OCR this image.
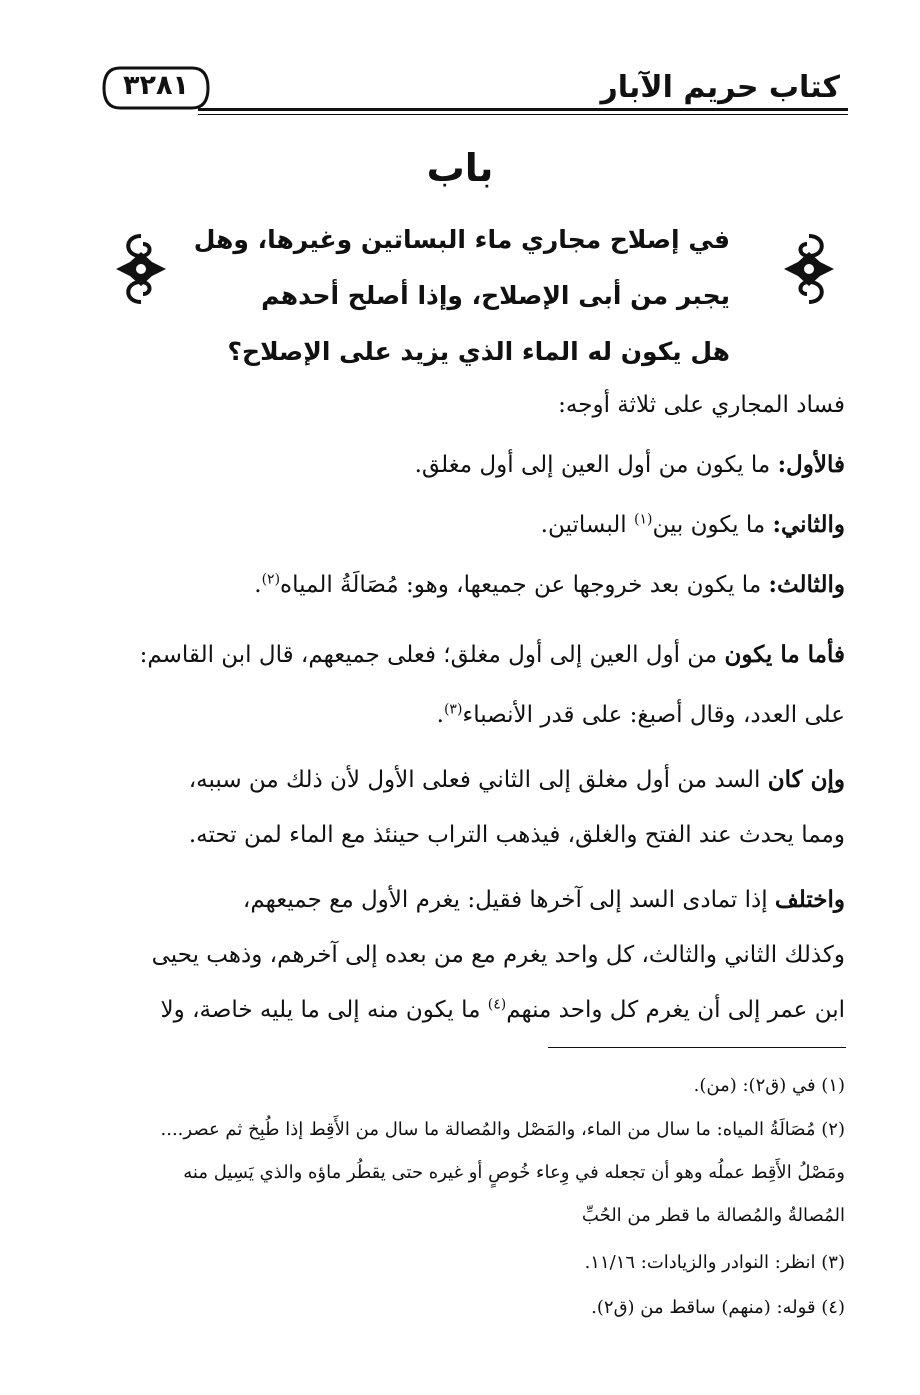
٣٢٨١	كتاب حريم الآبار
باب
في إصلاح مجاري ماء البساتين وغيرها، وهل
يجبر من أبى الإصلاح، وإذا أصلح أحدهم
هل يكون له الماء الذي يزيد على الإصلاح؟
فساد المجاري على ثلاثة أوجه:
فالأول: ما يكون من أول العين إلى أول مغلق.
والثاني: ما يكون بين$^{(١)}$ البساتين.
والثالث: ما يكون بعد خروجها عن جميعها، وهو: مُصَالَةُ المياه$^{(٢)}$.
فأما ما يكون من أول العين إلى أول مغلق؛ فعلى جميعهم، قال ابن القاسم:
على العدد، وقال أصبغ: على قدر الأنصباء$^{(٣)}$.
وإن كان السد من أول مغلق إلى الثاني فعلى الأول لأن ذلك من سببه،
ومما يحدث عند الفتح والغلق، فيذهب التراب حينئذ مع الماء لمن تحته.
واختلف إذا تمادى السد إلى آخرها فقيل: يغرم الأول مع جميعهم،
وكذلك الثاني والثالث، كل واحد يغرم مع من بعده إلى آخرهم، وذهب يحيى
ابن عمر إلى أن يغرم كل واحد منهم$^{(٤)}$ ما يكون منه إلى ما يليه خاصة، ولا
(١) في (ق٢): (من).
(٢) مُصَالَةُ المياه: ما سال من الماء، والمَصْل والمُصالة ما سال من الأَقِط إذا طُبِخ ثم عصر....
ومَصْلُ الأَقِط عملُه وهو أن تجعله في وِعاء خُوصٍ أو غيره حتى يقطُر ماؤه والذي يَسِيل منه
المُصالةُ والمُصالة ما قطر من الحُبِّ
(٣) انظر: النوادر والزيادات: ١١/١٦.
(٤) قوله: (منهم) ساقط من (ق٢).
